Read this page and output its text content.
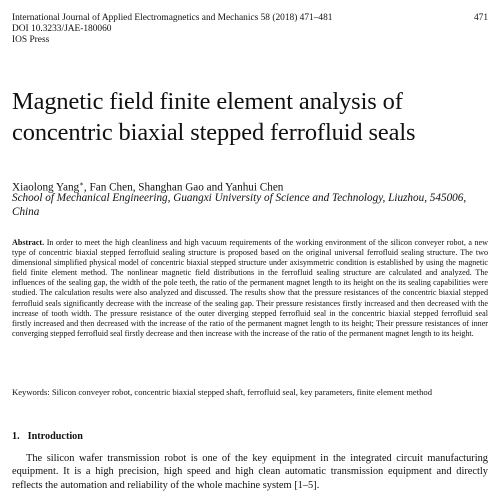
International Journal of Applied Electromagnetics and Mechanics 58 (2018) 471–481
DOI 10.3233/JAE-180060
IOS Press
471
Magnetic field finite element analysis of concentric biaxial stepped ferrofluid seals
Xiaolong Yang∗, Fan Chen, Shanghan Gao and Yanhui Chen
School of Mechanical Engineering, Guangxi University of Science and Technology, Liuzhou, 545006, China

Abstract. In order to meet the high cleanliness and high vacuum requirements of the working environment of the silicon conveyer robot, a new type of concentric biaxial stepped ferrofluid sealing structure is proposed based on the original universal ferrofluid sealing structure. The two dimensional simplified physical model of concentric biaxial stepped structure under axisymmetric condition is established by using the magnetic field finite element method. The nonlinear magnetic field distributions in the ferrofluid sealing structure are calculated and analyzed. The influences of the sealing gap, the width of the pole teeth, the ratio of the permanent magnet length to its height on the its sealing capabilities were studied. The calculation results were also analyzed and discussed. The results show that the pressure resistances of the concentric biaxial stepped ferrofluid seals significantly decrease with the increase of the sealing gap. Their pressure resistances firstly increased and then decreased with the increase of tooth width. The pressure resistance of the outer diverging stepped ferrofluid seal in the concentric biaxial stepped ferrofluid seal firstly increased and then decreased with the increase of the ratio of the permanent magnet length to its height; Their pressure resistances of inner converging stepped ferrofluid seal firstly decrease and then increase with the increase of the ratio of the permanent magnet length to its height.

Keywords: Silicon conveyer robot, concentric biaxial stepped shaft, ferrofluid seal, key parameters, finite element method
1. Introduction

The silicon wafer transmission robot is one of the key equipment in the integrated circuit manufacturing equipment. It is a high precision, high speed and high clean automatic transmission equipment and directly reflects the automation and reliability of the whole machine system [1–5].
